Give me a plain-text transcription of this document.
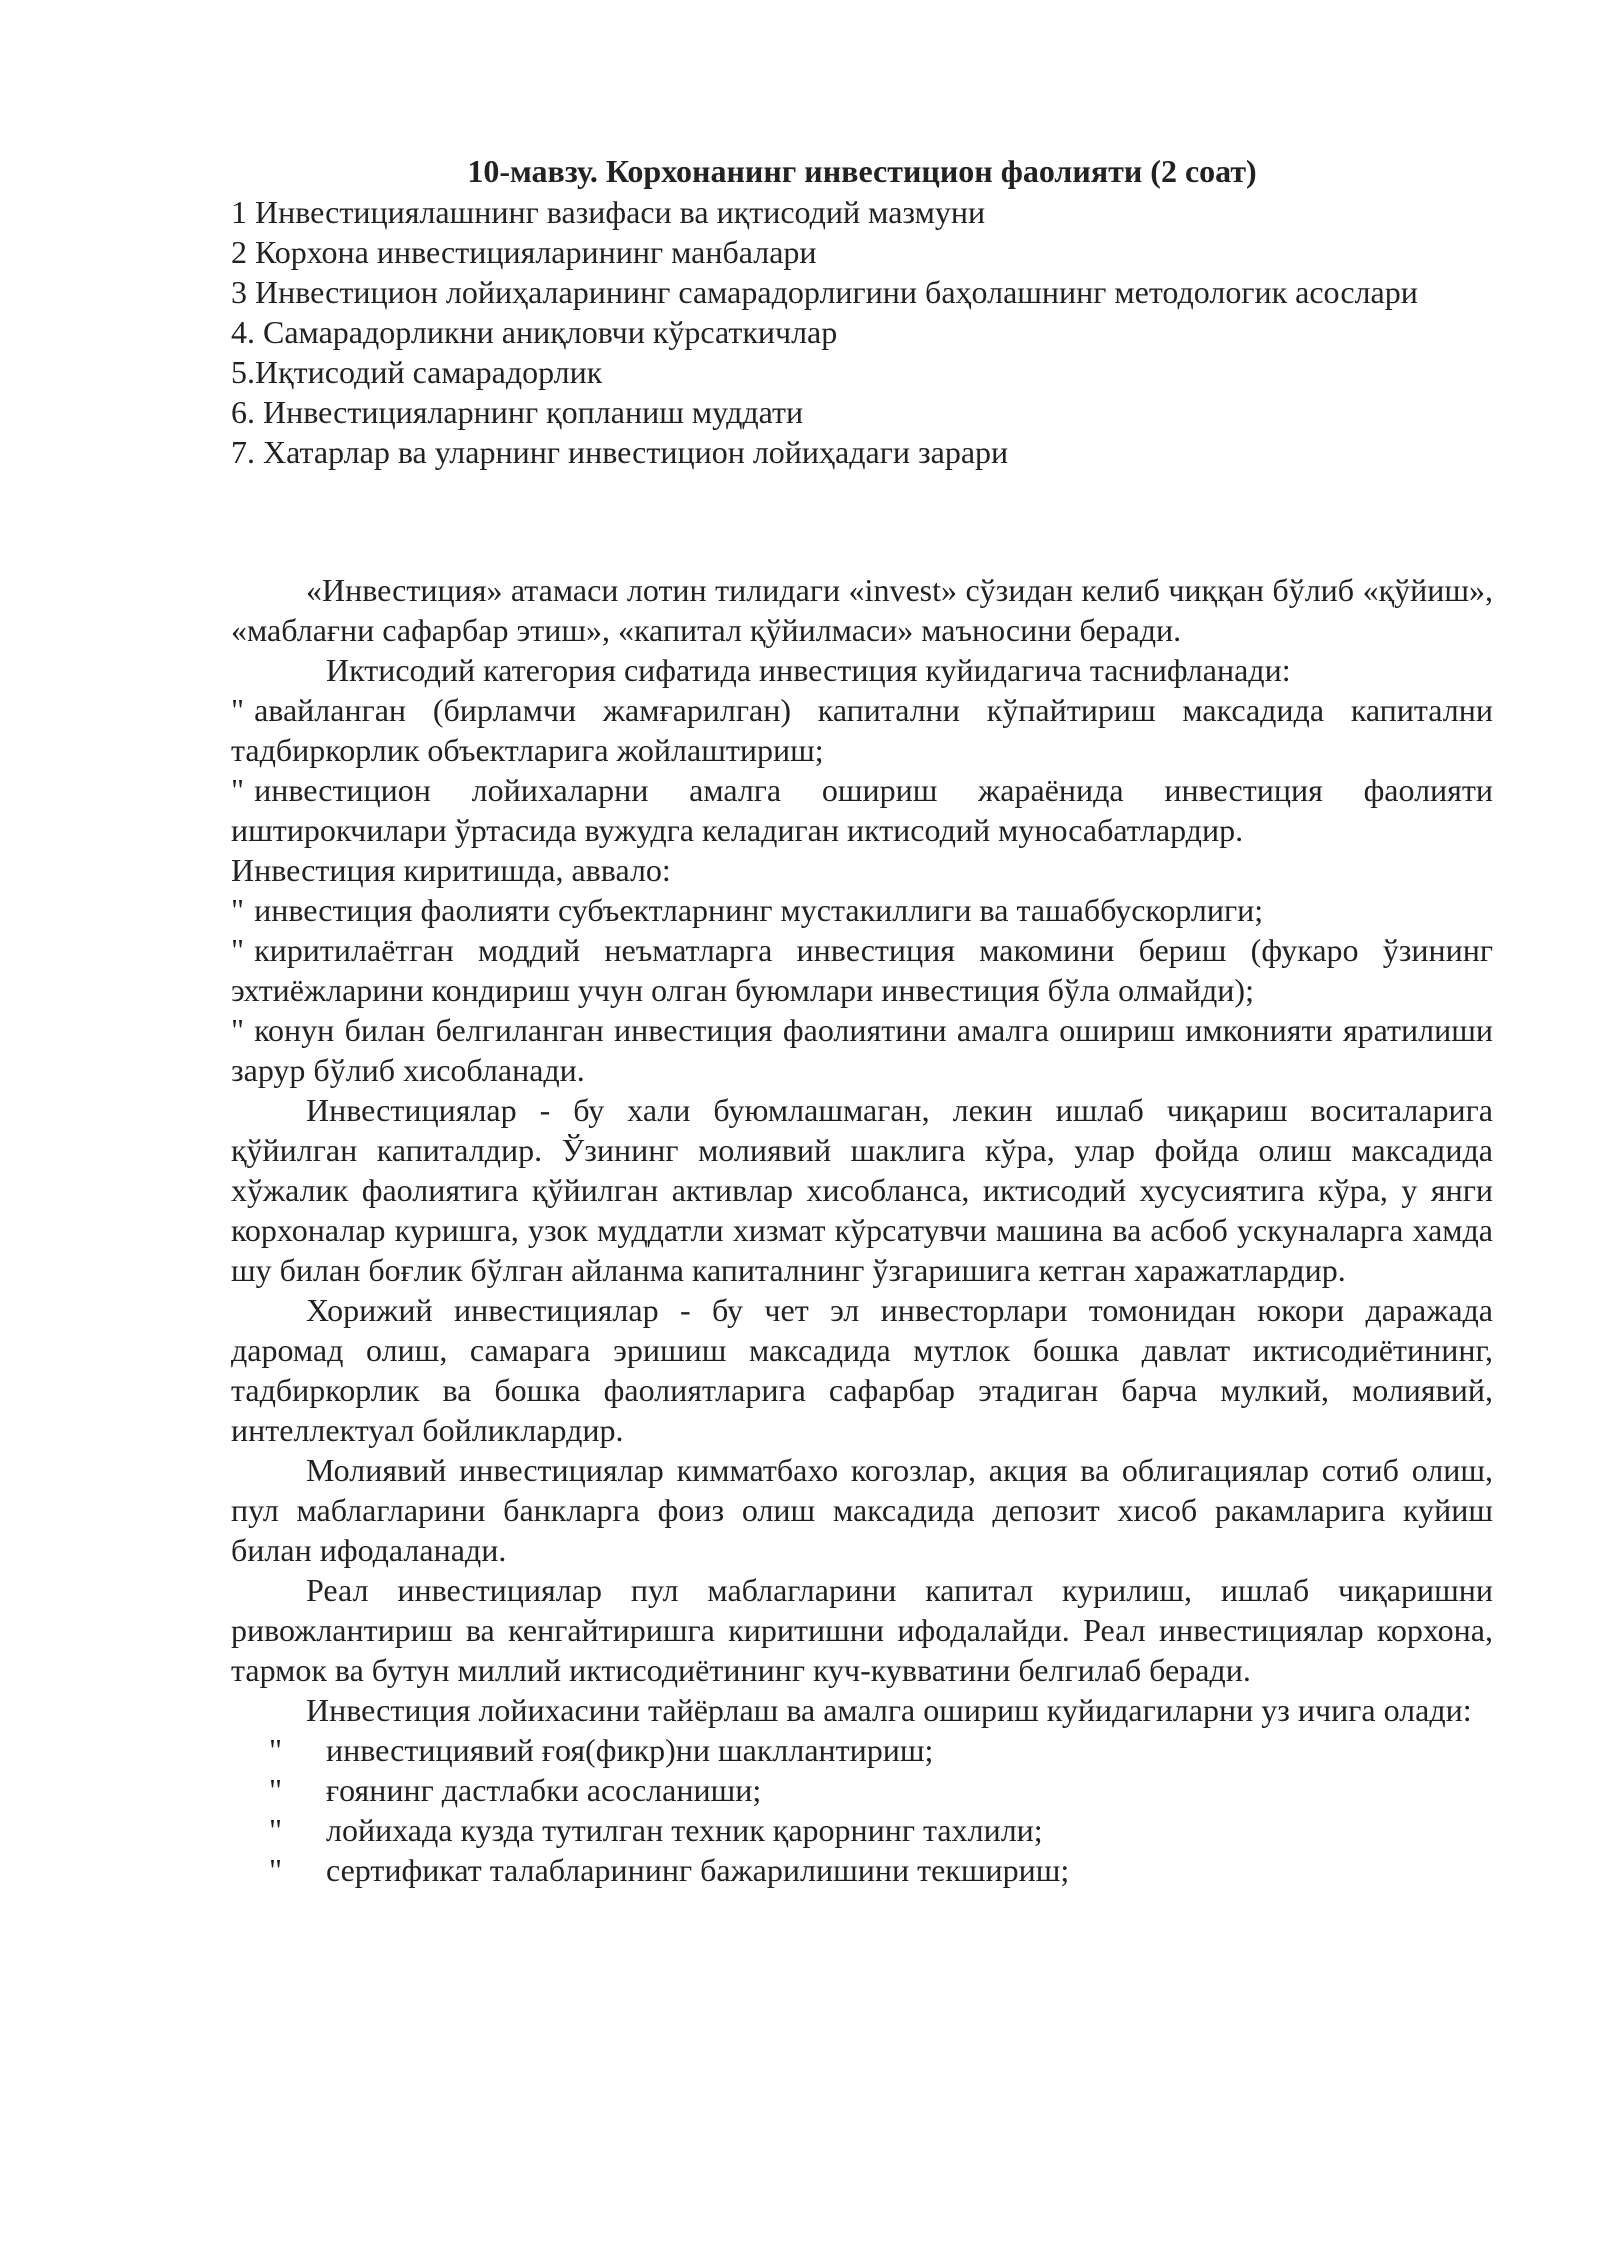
10-мавзу. Корхонанинг инвестицион фаолияти (2 соат)
1 Инвестициялашнинг вазифаси ва иқтисодий мазмуни
2 Корхона инвестицияларининг манбалари
3 Инвестицион лойиҳаларининг самарадорлигини баҳолашнинг методологик асослари
4. Самарадорликни аниқловчи кўрсаткичлар
5.Иқтисодий самарадорлик
6. Инвестицияларнинг қопланиш муддати
7. Хатарлар ва уларнинг инвестицион лойиҳадаги зарари

«Инвестиция» атамаси лотин тилидаги «invest» сўзидан келиб чиққан бўлиб «қўйиш», «маблағни сафарбар этиш», «капитал қўйилмаси» маъносини беради.

Иктисодий категория сифатида инвестиция куйидагича таснифланади:

" авайланган (бирламчи жамғарилган) капитални кўпайтириш максадида капитални тадбиркорлик объектларига жойлаштириш;

" инвестицион лойихаларни амалга ошириш жараёнида инвестиция фаолияти иштирокчилари ўртасида вужудга келадиган иктисодий муносабатлардир.

Инвестиция киритишда, аввало:

" инвестиция фаолияти субъектларнинг мустакиллиги ва ташаббускорлиги;

" киритилаётган моддий неъматларга инвестиция макомини бериш (фукаро ўзининг эхтиёжларини кондириш учун олган буюмлари инвестиция бўла олмайди);

" конун билан белгиланган инвестиция фаолиятини амалга ошириш имконияти яратилиши зарур бўлиб хисобланади.

Инвестициялар - бу хали буюмлашмаган, лекин ишлаб чиқариш воситаларига қўйилган капиталдир. Ўзининг молиявий шаклига кўра, улар фойда олиш максадида хўжалик фаолиятига қўйилган активлар хисобланса, иктисодий хусусиятига кўра, у янги корхоналар куришга, узок муддатли хизмат кўрсатувчи машина ва асбоб ускуналарга хамда шу билан боғлик бўлган айланма капиталнинг ўзгаришига кетган харажатлардир.

Хорижий инвестициялар - бу чет эл инвесторлари томонидан юкори даражада даромад олиш, самарага эришиш максадида мутлок бошка давлат иктисодиётининг, тадбиркорлик ва бошка фаолиятларига сафарбар этадиган барча мулкий, молиявий, интеллектуал бойликлардир.

Молиявий инвестициялар кимматбахо когозлар, акция ва облигациялар сотиб олиш, пул маблагларини банкларга фоиз олиш максадида депозит хисоб ракамларига куйиш билан ифодаланади.

Реал инвестициялар пул маблагларини капитал курилиш, ишлаб чиқаришни ривожлантириш ва кенгайтиришга киритишни ифодалайди. Реал инвестициялар корхона, тармок ва бутун миллий иктисодиётининг куч-кувватини белгилаб беради.

Инвестиция лойихасини тайёрлаш ва амалга ошириш куйидагиларни уз ичига олади:

"	инвестициявий ғоя(фикр)ни шакллантириш;
"	ғоянинг дастлабки асосланиши;
"	лойихада кузда тутилган техник қарорнинг тахлили;
"	сертификат талабларининг бажарилишини текшириш;
